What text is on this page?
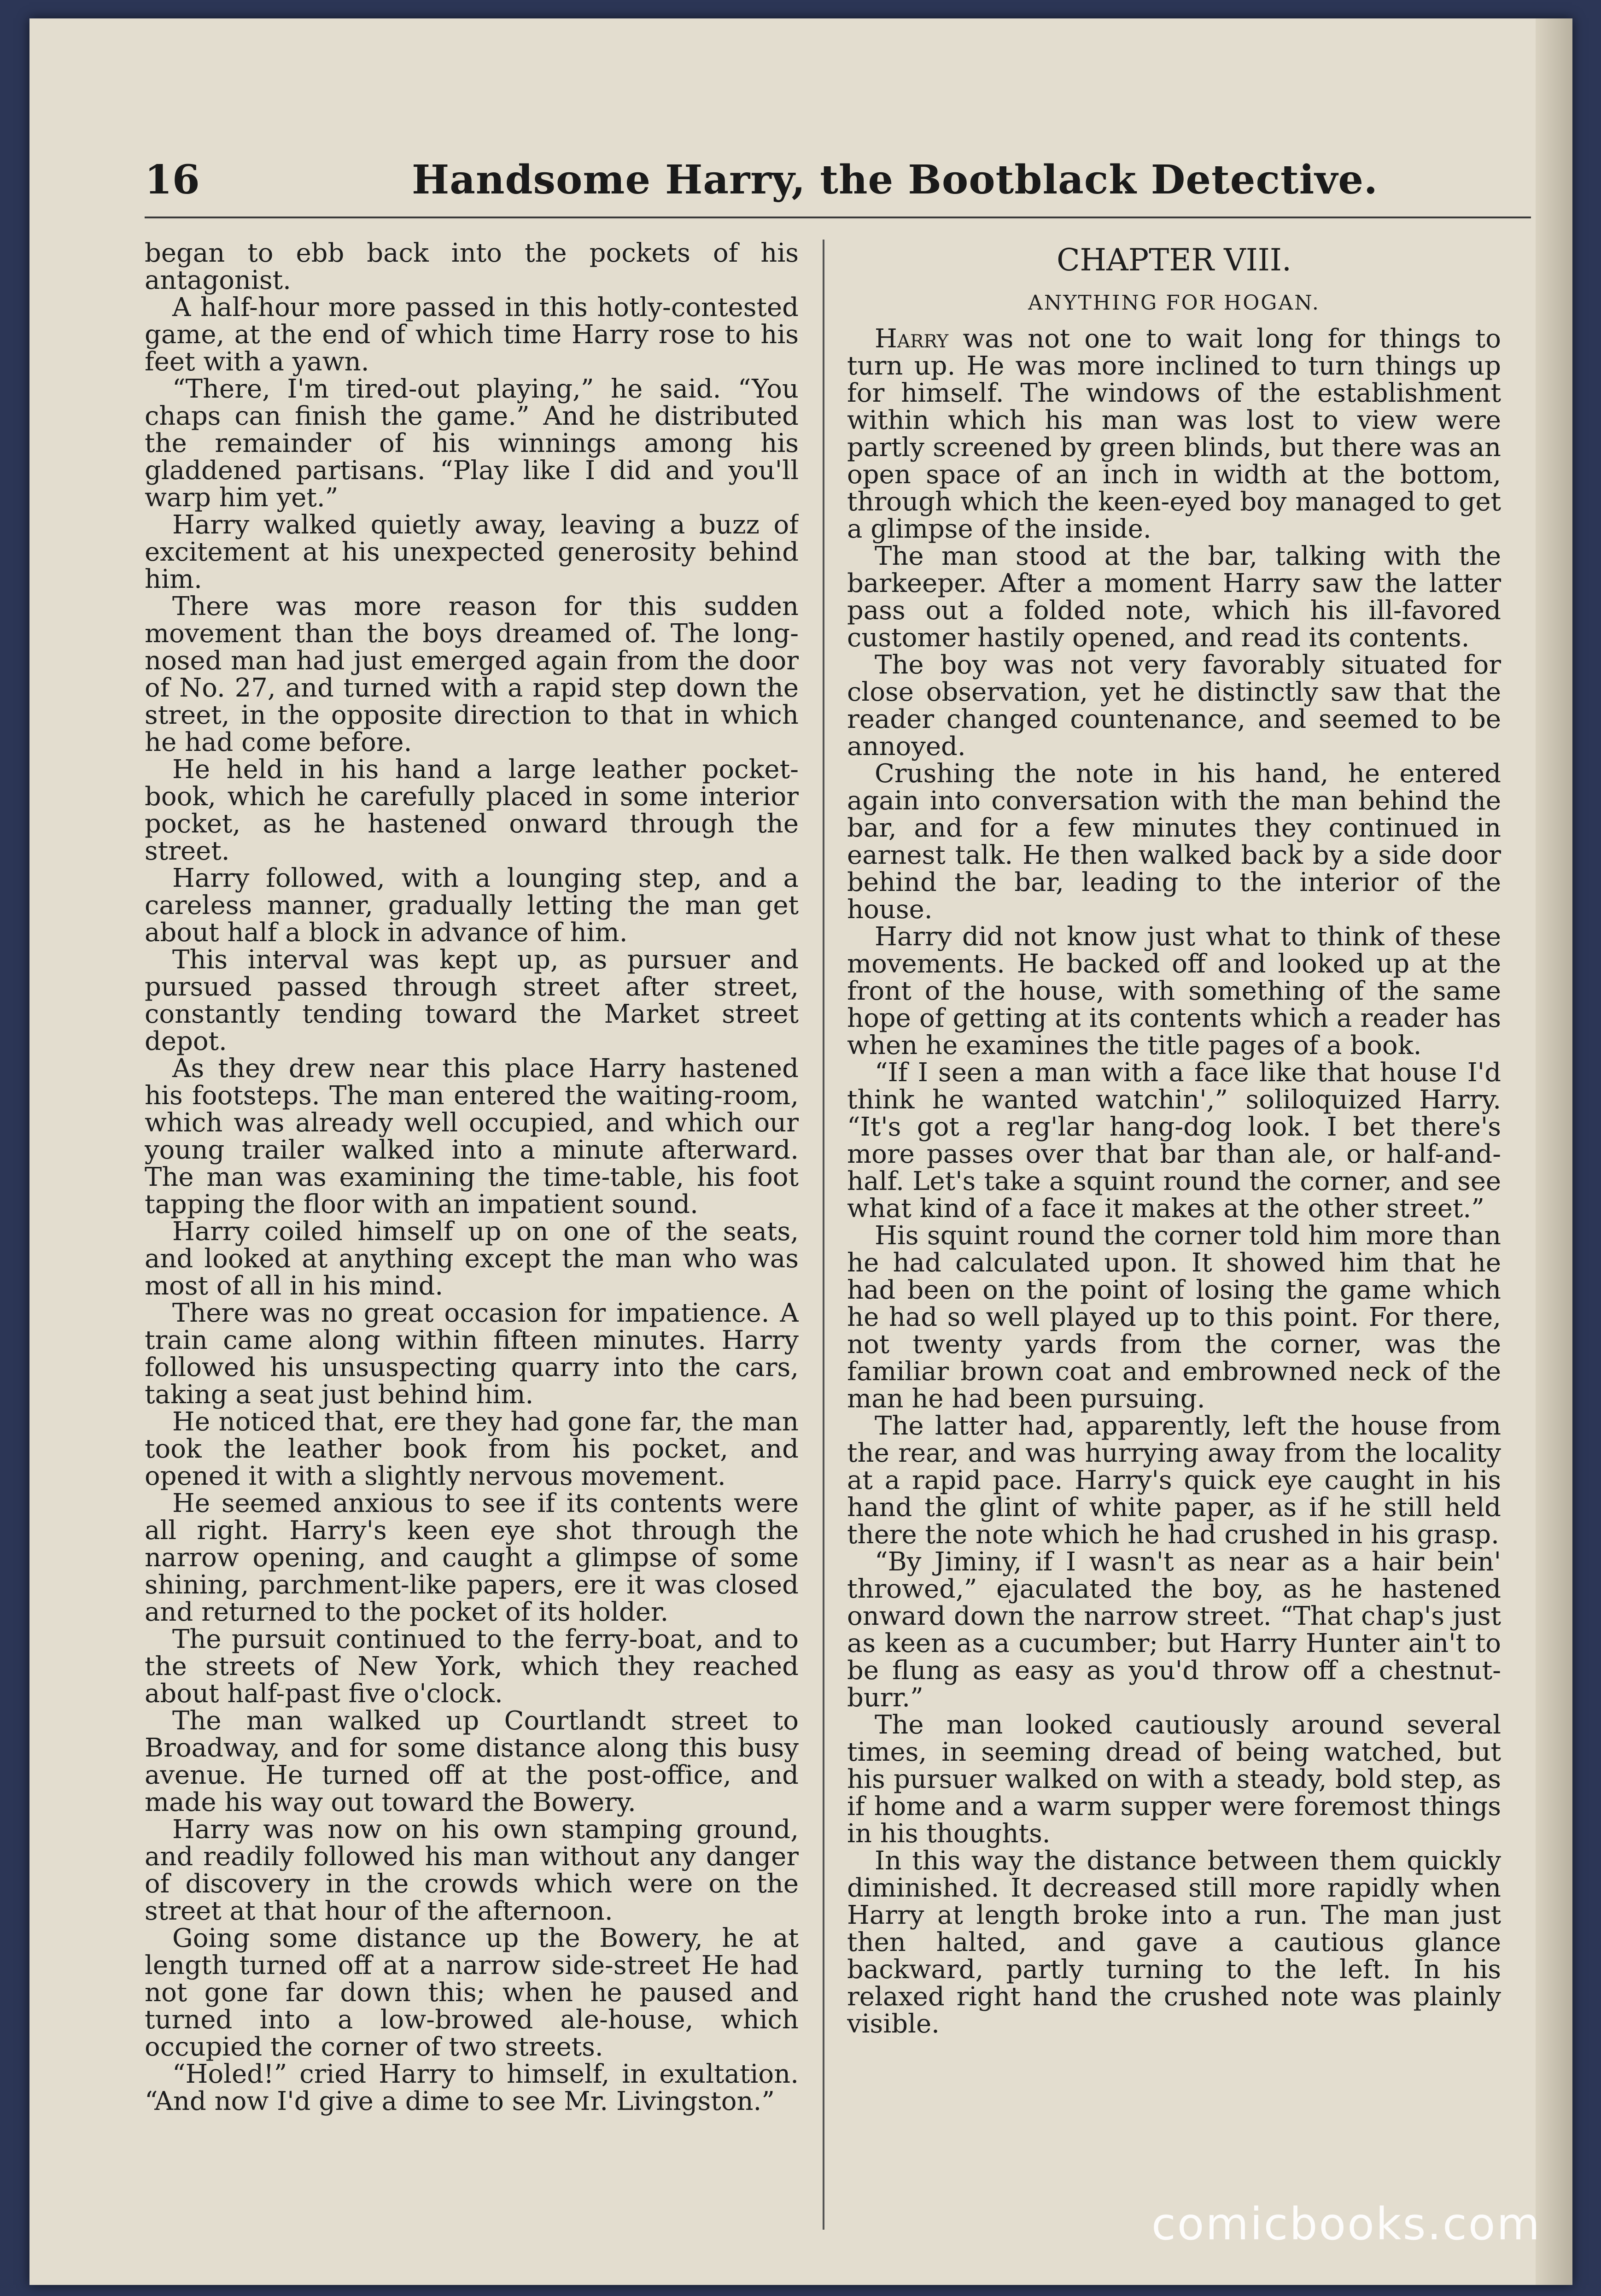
16	Handsome Harry, the Bootblack Detective.

began to ebb back into the pockets of his antagonist.

A half-hour more passed in this hotly-contested game, at the end of which time Harry rose to his feet with a yawn.

“There, I'm tired-out playing,” he said. “You chaps can finish the game.” And he distributed the remainder of his winnings among his gladdened partisans. “Play like I did and you'll warp him yet.”

Harry walked quietly away, leaving a buzz of excitement at his unexpected generosity behind him.

There was more reason for this sudden movement than the boys dreamed of. The long-nosed man had just emerged again from the door of No. 27, and turned with a rapid step down the street, in the opposite direction to that in which he had come before.

He held in his hand a large leather pocket-book, which he carefully placed in some interior pocket, as he hastened onward through the street.

Harry followed, with a lounging step, and a careless manner, gradually letting the man get about half a block in advance of him.

This interval was kept up, as pursuer and pursued passed through street after street, constantly tending toward the Market street depot.

As they drew near this place Harry hastened his footsteps. The man entered the waiting-room, which was already well occupied, and which our young trailer walked into a minute afterward. The man was examining the time-table, his foot tapping the floor with an impatient sound.

Harry coiled himself up on one of the seats, and looked at anything except the man who was most of all in his mind.

There was no great occasion for impatience. A train came along within fifteen minutes. Harry followed his unsuspecting quarry into the cars, taking a seat just behind him.

He noticed that, ere they had gone far, the man took the leather book from his pocket, and opened it with a slightly nervous movement.

He seemed anxious to see if its contents were all right. Harry's keen eye shot through the narrow opening, and caught a glimpse of some shining, parchment-like papers, ere it was closed and returned to the pocket of its holder.

The pursuit continued to the ferry-boat, and to the streets of New York, which they reached about half-past five o'clock.

The man walked up Courtlandt street to Broadway, and for some distance along this busy avenue. He turned off at the post-office, and made his way out toward the Bowery.

Harry was now on his own stamping ground, and readily followed his man without any danger of discovery in the crowds which were on the street at that hour of the afternoon.

Going some distance up the Bowery, he at length turned off at a narrow side-street He had not gone far down this; when he paused and turned into a low-browed ale-house, which occupied the corner of two streets.

“Holed!” cried Harry to himself, in exultation. “And now I'd give a dime to see Mr. Livingston.”

CHAPTER VIII.
ANYTHING FOR HOGAN.

Harry was not one to wait long for things to turn up. He was more inclined to turn things up for himself. The windows of the establishment within which his man was lost to view were partly screened by green blinds, but there was an open space of an inch in width at the bottom, through which the keen-eyed boy managed to get a glimpse of the inside.

The man stood at the bar, talking with the barkeeper. After a moment Harry saw the latter pass out a folded note, which his ill-favored customer hastily opened, and read its contents.

The boy was not very favorably situated for close observation, yet he distinctly saw that the reader changed countenance, and seemed to be annoyed.

Crushing the note in his hand, he entered again into conversation with the man behind the bar, and for a few minutes they continued in earnest talk. He then walked back by a side door behind the bar, leading to the interior of the house.

Harry did not know just what to think of these movements. He backed off and looked up at the front of the house, with something of the same hope of getting at its contents which a reader has when he examines the title pages of a book.

“If I seen a man with a face like that house I'd think he wanted watchin',” soliloquized Harry. “It's got a reg'lar hang-dog look. I bet there's more passes over that bar than ale, or half-and-half. Let's take a squint round the corner, and see what kind of a face it makes at the other street.”

His squint round the corner told him more than he had calculated upon. It showed him that he had been on the point of losing the game which he had so well played up to this point. For there, not twenty yards from the corner, was the familiar brown coat and embrowned neck of the man he had been pursuing.

The latter had, apparently, left the house from the rear, and was hurrying away from the locality at a rapid pace. Harry's quick eye caught in his hand the glint of white paper, as if he still held there the note which he had crushed in his grasp.

“By Jiminy, if I wasn't as near as a hair bein' throwed,” ejaculated the boy, as he hastened onward down the narrow street. “That chap's just as keen as a cucumber; but Harry Hunter ain't to be flung as easy as you'd throw off a chestnut-burr.”

The man looked cautiously around several times, in seeming dread of being watched, but his pursuer walked on with a steady, bold step, as if home and a warm supper were foremost things in his thoughts.

In this way the distance between them quickly diminished. It decreased still more rapidly when Harry at length broke into a run. The man just then halted, and gave a cautious glance backward, partly turning to the left. In his relaxed right hand the crushed note was plainly visible.

comicbooks.com
